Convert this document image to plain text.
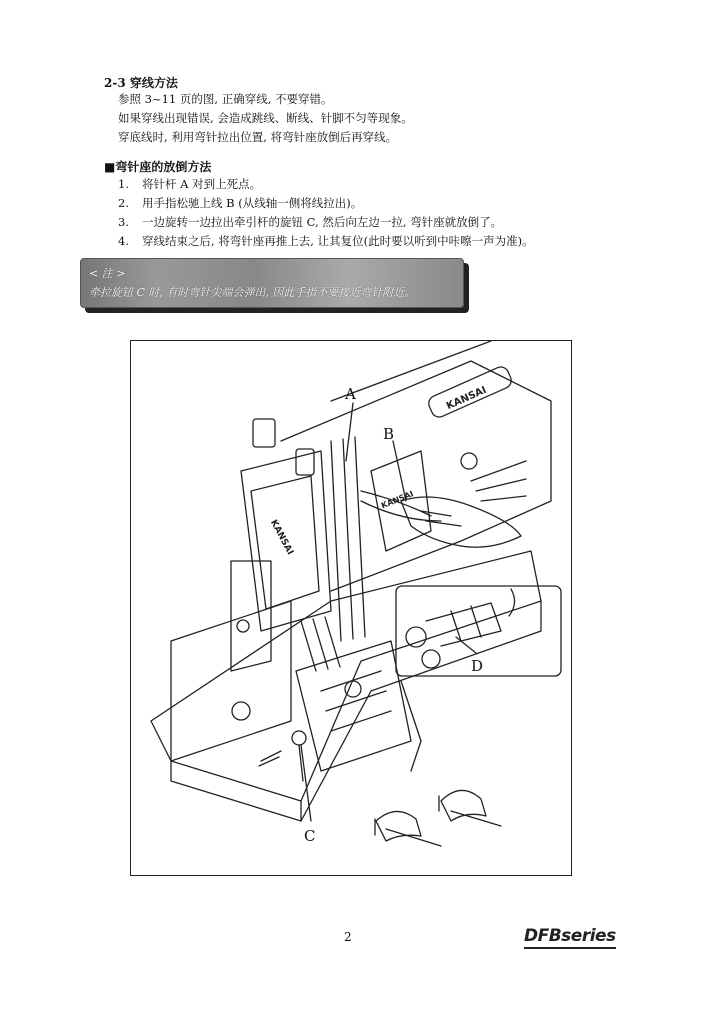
2-3 穿线方法
参照 3~11 页的图, 正确穿线, 不要穿错。
如果穿线出现错误, 会造成跳线、断线、针脚不匀等现象。
穿底线时, 利用弯针拉出位置, 将弯针座放倒后再穿线。
■弯针座的放倒方法
1. 将针杆 A 对到上死点。
2. 用手指松驰上线 B (从线轴一侧将线拉出)。
3. 一边旋转一边拉出牵引杆的旋钮 C, 然后向左边一拉, 弯针座就放倒了。
4. 穿线结束之后, 将弯针座再推上去, 让其复位(此时要以听到中咔嚓一声为准)。
< 注 >
牵拉旋钮 C 时, 有时弯针尖端会弹出, 因此手指不要接近弯针附近。
KANSAI
KANSAI
KANSAI
A
B
C
D
2	DFBseries
